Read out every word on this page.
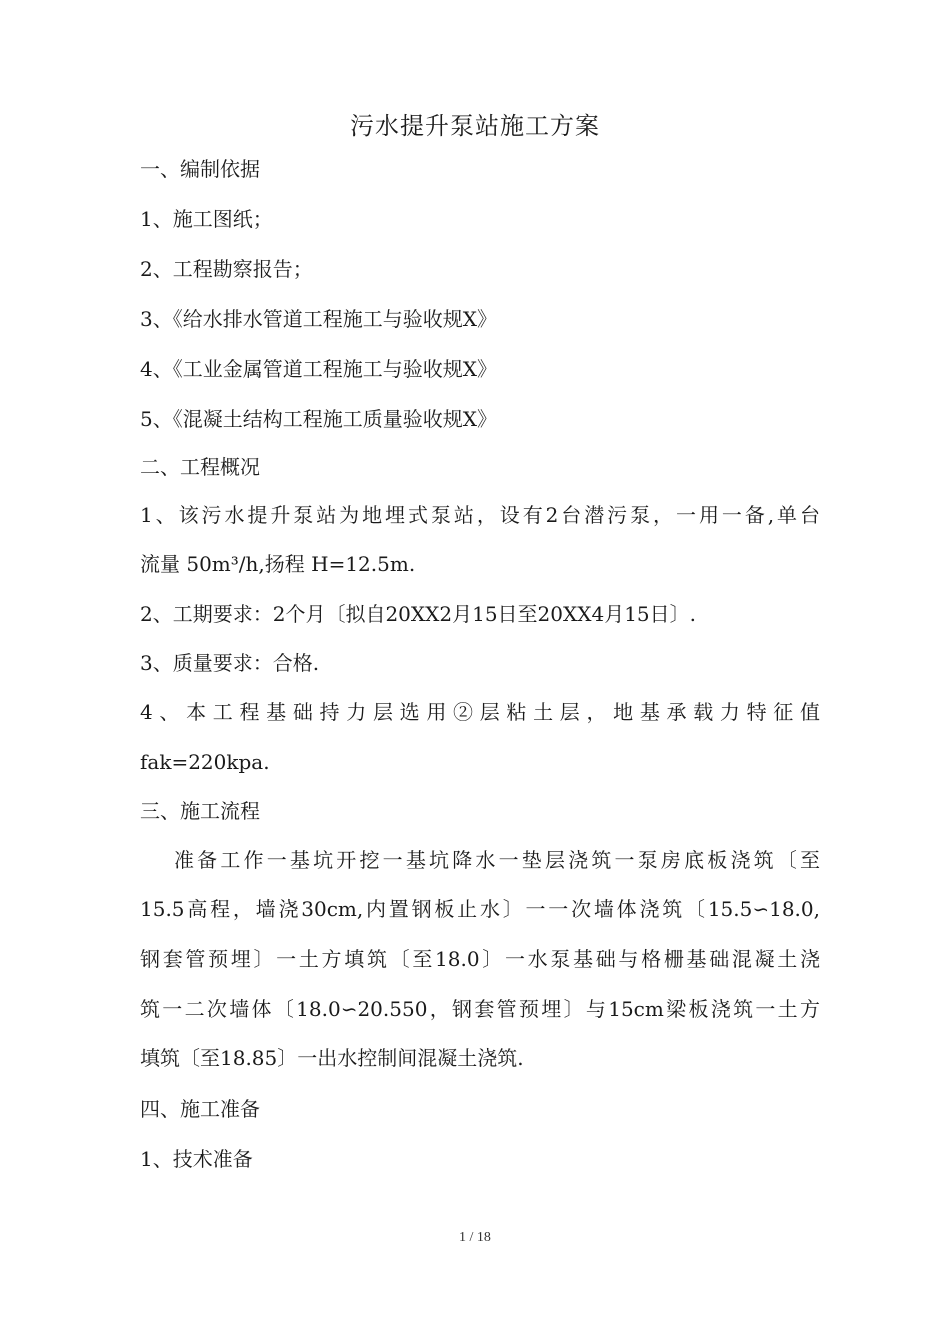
污水提升泵站施工方案
一、编制依据
1、施工图纸；
2、工程勘察报告；
3、《给水排水管道工程施工与验收规X》
4、《工业金属管道工程施工与验收规X》
5、《混凝土结构工程施工质量验收规X》
二、工程概况
1、该污水提升泵站为地埋式泵站，设有2台潜污泵，一用一备,单台
流量 50m³/h,扬程 H=12.5m.
2、工期要求：2个月〔拟自20XX2月15日至20XX4月15日〕.
3、质量要求：合格.
4、本工程基础持力层选用②层粘土层，地基承载力特征值
fak=220kpa.
三、施工流程
准备工作一基坑开挖一基坑降水一垫层浇筑一泵房底板浇筑〔至
15.5高程，墙浇30cm,内置钢板止水〕一一次墙体浇筑〔15.5∽18.0,
钢套管预埋〕一土方填筑〔至18.0〕一水泵基础与格栅基础混凝土浇
筑一二次墙体〔18.0∽20.550，钢套管预埋〕与15cm梁板浇筑一土方
填筑〔至18.85〕一出水控制间混凝土浇筑.
四、施工准备
1、技术准备
1 / 18
